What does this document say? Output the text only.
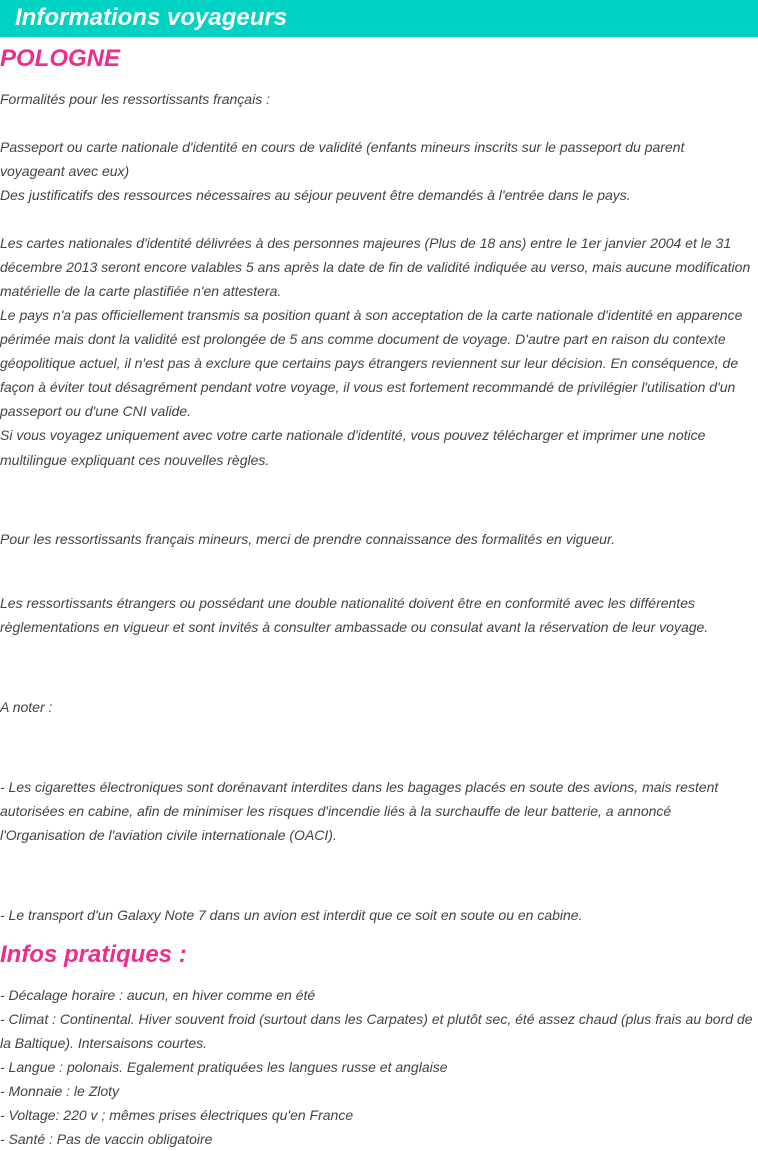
Informations voyageurs
POLOGNE

Formalités pour les ressortissants français :

Passeport ou carte nationale d'identité en cours de validité (enfants mineurs inscrits sur le passeport du parent

voyageant avec eux)

Des justificatifs des ressources nécessaires au séjour peuvent être demandés à l'entrée dans le pays.

Les cartes nationales d'identité délivrées à des personnes majeures (Plus de 18 ans) entre le 1er janvier 2004 et le 31

décembre 2013 seront encore valables 5 ans après la date de fin de validité indiquée au verso, mais aucune modification

matérielle de la carte plastifiée n'en attestera.

Le pays n'a pas officiellement transmis sa position quant à son acceptation de la carte nationale d'identité en apparence

périmée mais dont la validité est prolongée de 5 ans comme document de voyage. D'autre part en raison du contexte

géopolitique actuel, il n'est pas à exclure que certains pays étrangers reviennent sur leur décision. En conséquence, de

façon à éviter tout désagrément pendant votre voyage, il vous est fortement recommandé de privilégier l'utilisation d'un

passeport ou d'une CNI valide.

Si vous voyagez uniquement avec votre carte nationale d'identité, vous pouvez télécharger et imprimer une notice

multilingue expliquant ces nouvelles règles.

Pour les ressortissants français mineurs, merci de prendre connaissance des formalités en vigueur.

Les ressortissants étrangers ou possédant une double nationalité doivent être en conformité avec les différentes

règlementations en vigueur et sont invités à consulter ambassade ou consulat avant la réservation de leur voyage.

A noter :

- Les cigarettes électroniques sont dorénavant interdites dans les bagages placés en soute des avions, mais restent

autorisées en cabine, afin de minimiser les risques d'incendie liés à la surchauffe de leur batterie, a annoncé

l'Organisation de l'aviation civile internationale (OACI).

- Le transport d'un Galaxy Note 7 dans un avion est interdit que ce soit en soute ou en cabine.

Infos pratiques :

- Décalage horaire : aucun, en hiver comme en été

- Climat : Continental. Hiver souvent froid (surtout dans les Carpates) et plutôt sec, été assez chaud (plus frais au bord de

la Baltique). Intersaisons courtes.

- Langue : polonais. Egalement pratiquées les langues russe et anglaise

- Monnaie : le Zloty

- Voltage: 220 v ; mêmes prises électriques qu'en France

- Santé : Pas de vaccin obligatoire
